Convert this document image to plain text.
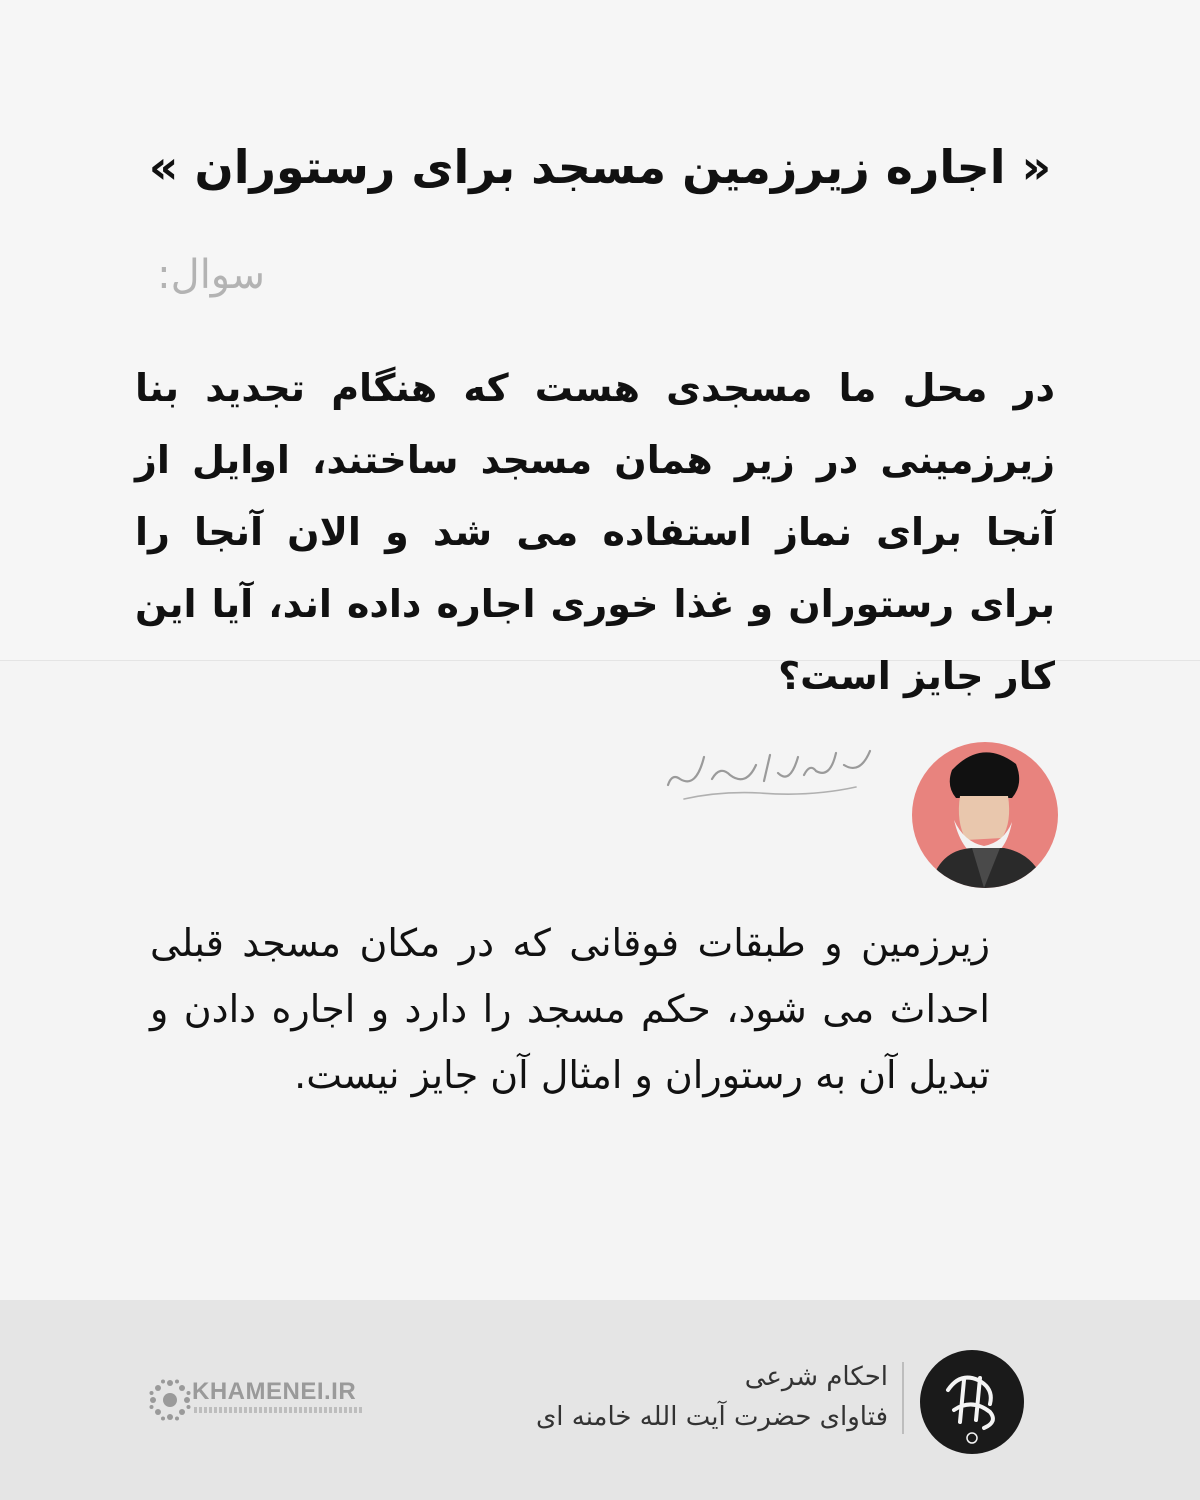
« اجاره زیرزمین مسجد برای رستوران »

سوال:

در محل ما مسجدی هست که هنگام تجدید بنا زیرزمینی در زیر همان مسجد ساختند، اوایل از آنجا برای نماز استفاده می شد و الان آنجا را برای رستوران و غذا خوری اجاره داده اند، آیا این کار جایز است؟

زیرزمین و طبقات فوقانی که در مکان مسجد قبلی احداث می شود، حکم مسجد را دارد و اجاره دادن و تبدیل آن به رستوران و امثال آن جایز نیست.

احکام شرعی

فتاوای حضرت آیت الله خامنه ای

KHAMENEI.IR
